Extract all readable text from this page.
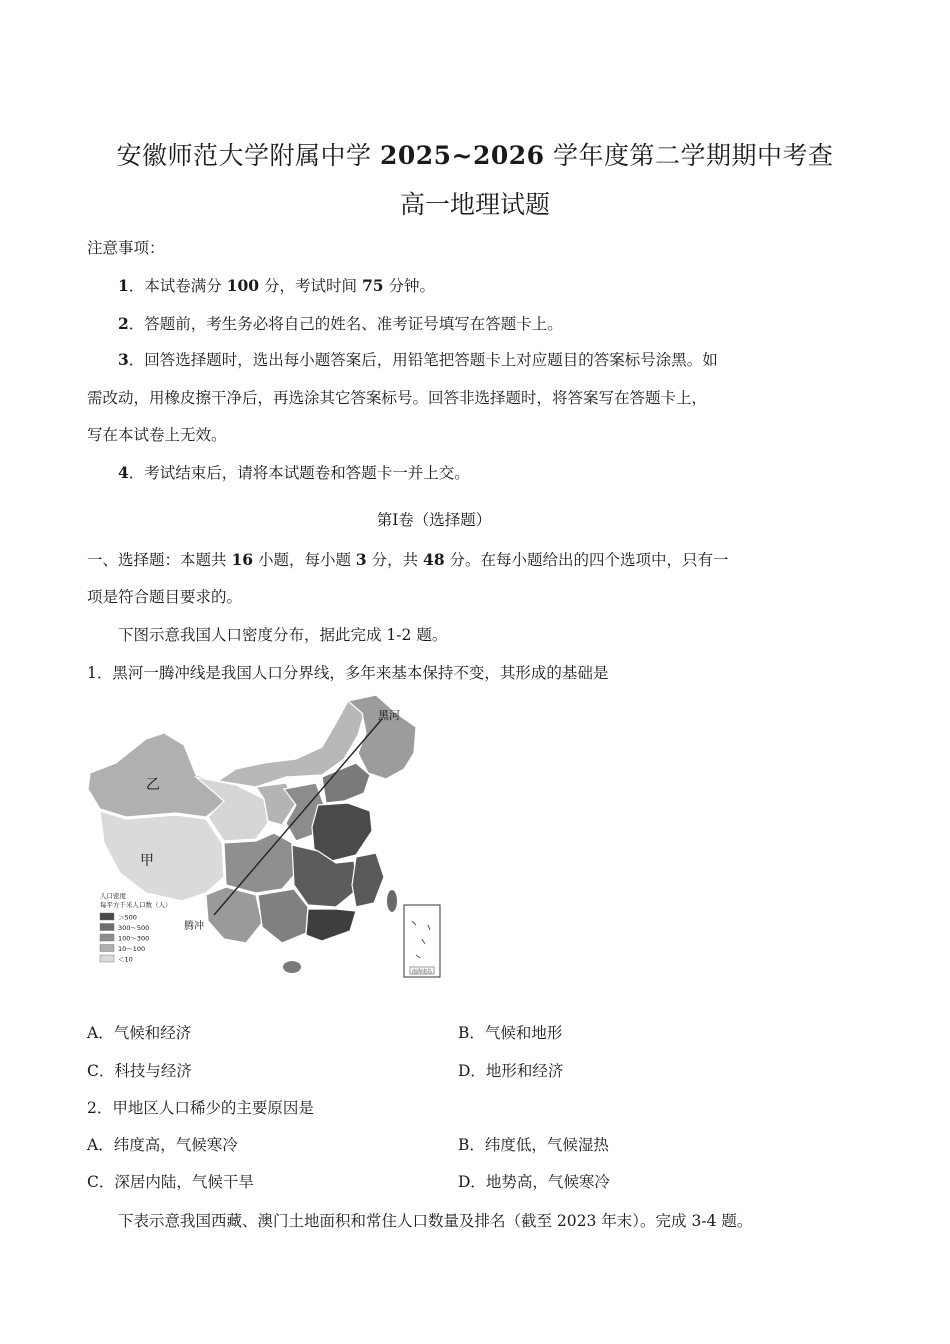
安徽师范大学附属中学 2025~2026 学年度第二学期期中考查
高一地理试题
注意事项：
1．本试卷满分 100 分，考试时间 75 分钟。
2．答题前，考生务必将自己的姓名、准考证号填写在答题卡上。
3．回答选择题时，选出每小题答案后，用铅笔把答题卡上对应题目的答案标号涂黑。如
需改动，用橡皮擦干净后，再选涂其它答案标号。回答非选择题时，将答案写在答题卡上，
写在本试卷上无效。
4．考试结束后，请将本试题卷和答题卡一并上交。
第Ⅰ卷（选择题）
一、选择题：本题共 16 小题，每小题 3 分，共 48 分。在每小题给出的四个选项中，只有一
项是符合题目要求的。
下图示意我国人口密度分布，据此完成 1-2 题。
1．黑河一腾冲线是我国人口分界线，多年来基本保持不变，其形成的基础是
南海诸岛
黑河
腾冲
乙
甲
人口密度
每平方千米人口数（人）
＞500
300～500
100～300
10～100
＜10
A．气候和经济	B．气候和地形
C．科技与经济	D．地形和经济
2．甲地区人口稀少的主要原因是
A．纬度高，气候寒冷	B．纬度低，气候湿热
C．深居内陆，气候干旱	D．地势高，气候寒冷
下表示意我国西藏、澳门土地面积和常住人口数量及排名（截至 2023 年末）。完成 3-4 题。
